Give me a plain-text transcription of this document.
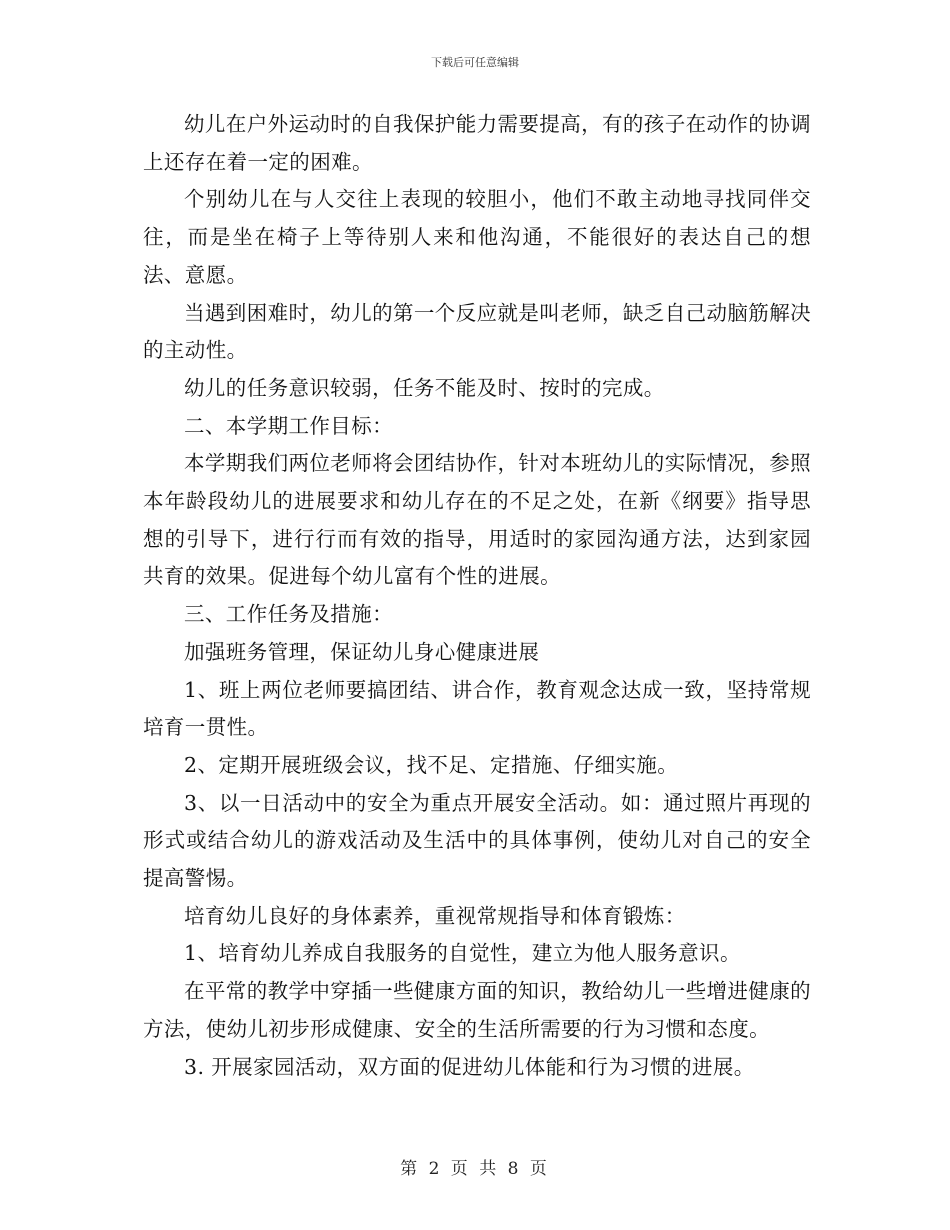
下载后可任意编辑

幼儿在户外运动时的自我保护能力需要提高，有的孩子在动作的协调上还存在着一定的困难。

个别幼儿在与人交往上表现的较胆小，他们不敢主动地寻找同伴交往，而是坐在椅子上等待别人来和他沟通，不能很好的表达自己的想法、意愿。

当遇到困难时，幼儿的第一个反应就是叫老师，缺乏自己动脑筋解决的主动性。

幼儿的任务意识较弱，任务不能及时、按时的完成。

二、本学期工作目标：

本学期我们两位老师将会团结协作，针对本班幼儿的实际情况，参照本年龄段幼儿的进展要求和幼儿存在的不足之处，在新《纲要》指导思想的引导下，进行行而有效的指导，用适时的家园沟通方法，达到家园共育的效果。促进每个幼儿富有个性的进展。

三、工作任务及措施：

加强班务管理，保证幼儿身心健康进展

1、班上两位老师要搞团结、讲合作，教育观念达成一致，坚持常规培育一贯性。

2、定期开展班级会议，找不足、定措施、仔细实施。

3、以一日活动中的安全为重点开展安全活动。如：通过照片再现的形式或结合幼儿的游戏活动及生活中的具体事例，使幼儿对自己的安全提高警惕。

培育幼儿良好的身体素养，重视常规指导和体育锻炼：

1、培育幼儿养成自我服务的自觉性，建立为他人服务意识。

在平常的教学中穿插一些健康方面的知识，教给幼儿一些增进健康的方法，使幼儿初步形成健康、安全的生活所需要的行为习惯和态度。

3. 开展家园活动，双方面的促进幼儿体能和行为习惯的进展。

第 2 页 共 8 页
